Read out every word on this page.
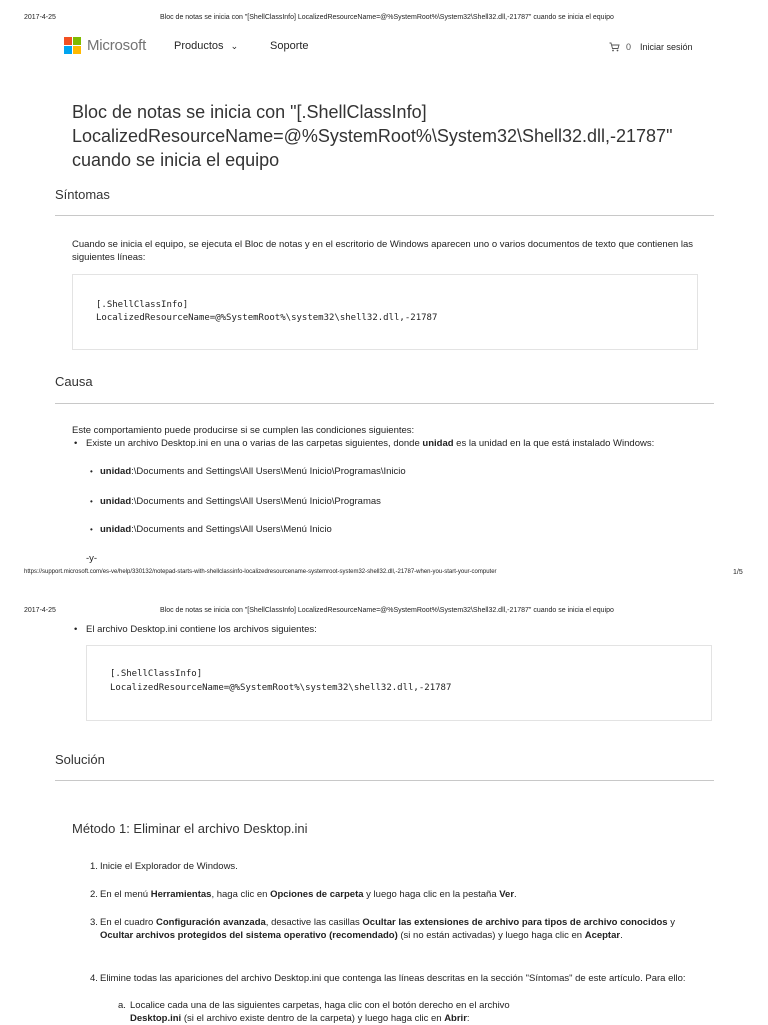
2017-4-25	Bloc de notas se inicia con "[ShellClassInfo] LocalizedResourceName=@%SystemRoot%\System32\Shell32.dll,-21787" cuando se inicia el equipo
Microsoft	Productos ⌄	Soporte	0 Iniciar sesión
Bloc de notas se inicia con "[.ShellClassInfo] LocalizedResourceName=@%SystemRoot%\System32\Shell32.dll,-21787" cuando se inicia el equipo
Síntomas
Cuando se inicia el equipo, se ejecuta el Bloc de notas y en el escritorio de Windows aparecen uno o varios documentos de texto que contienen las siguientes líneas:
[.ShellClassInfo]
LocalizedResourceName=@%SystemRoot%\system32\shell32.dll,-21787
Causa
Este comportamiento puede producirse si se cumplen las condiciones siguientes:
• Existe un archivo Desktop.ini en una o varias de las carpetas siguientes, donde unidad es la unidad en la que está instalado Windows:
• unidad:\Documents and Settings\All Users\Menú Inicio\Programas\Inicio
• unidad:\Documents and Settings\All Users\Menú Inicio\Programas
• unidad:\Documents and Settings\All Users\Menú Inicio
-y-
https://support.microsoft.com/es-ve/help/330132/notepad-starts-with-shellclassinfo-localizedresourcename-systemroot-system32-shell32.dll,-21787-when-you-start-your-computer	1/5
2017-4-25	Bloc de notas se inicia con "[ShellClassInfo] LocalizedResourceName=@%SystemRoot%\System32\Shell32.dll,-21787" cuando se inicia el equipo
• El archivo Desktop.ini contiene los archivos siguientes:
[.ShellClassInfo]
LocalizedResourceName=@%SystemRoot%\system32\shell32.dll,-21787
Solución
Método 1: Eliminar el archivo Desktop.ini
1. Inicie el Explorador de Windows.
2. En el menú Herramientas, haga clic en Opciones de carpeta y luego haga clic en la pestaña Ver.
3. En el cuadro Configuración avanzada, desactive las casillas Ocultar las extensiones de archivo para tipos de archivo conocidos y Ocultar archivos protegidos del sistema operativo (recomendado) (si no están activadas) y luego haga clic en Aceptar.
4. Elimine todas las apariciones del archivo Desktop.ini que contenga las líneas descritas en la sección "Síntomas" de este artículo. Para ello:
a. Localice cada una de las siguientes carpetas, haga clic con el botón derecho en el archivo
Desktop.ini (si el archivo existe dentro de la carpeta) y luego haga clic en Abrir:
